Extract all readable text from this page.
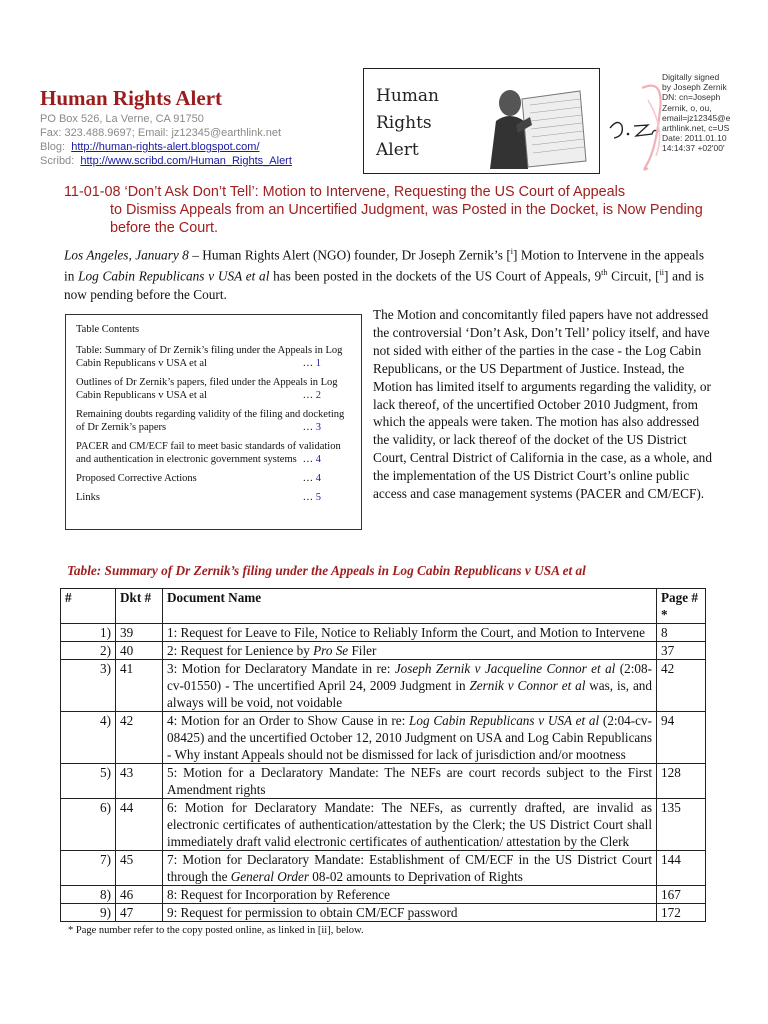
Human Rights Alert
PO Box 526, La Verne, CA 91750
Fax: 323.488.9697; Email: jz12345@earthlink.net
Blog: http://human-rights-alert.blogspot.com/
Scribd: http://www.scribd.com/Human_Rights_Alert
Human
Rights
Alert
Digitally signed
by Joseph Zernik
DN: cn=Joseph
Zernik, o, ou,
email=jz12345@e
arthlink.net, c=US
Date: 2011.01.10
14:14:37 +02'00'
11-01-08 ‘Don’t Ask Don’t Tell’: Motion to Intervene, Requesting the US Court of Appeals
to Dismiss Appeals from an Uncertified Judgment, was Posted in the Docket, is Now Pending before the Court.
Los Angeles, January 8 – Human Rights Alert (NGO) founder, Dr Joseph Zernik’s [$^i$] Motion to Intervene in the appeals in Log Cabin Republicans v USA et al has been posted in the dockets of the US Court of Appeals, 9th Circuit, [$^{ii}$] and is now pending before the Court.
Table Contents
Table: Summary of Dr Zernik’s filing under the Appeals in Log Cabin Republicans v USA et al	… 1
Outlines of Dr Zernik’s papers, filed under the Appeals in Log Cabin Republicans v USA et al	… 2
Remaining doubts regarding validity of the filing and docketing of Dr Zernik’s papers	… 3
PACER and CM/ECF fail to meet basic standards of validation and authentication in electronic government systems … 4
Proposed Corrective Actions	… 4
Links	… 5
The Motion and concomitantly filed papers have not addressed the controversial ‘Don’t Ask, Don’t Tell’ policy itself, and have not sided with either of the parties in the case - the Log Cabin Republicans, or the US Department of Justice. Instead, the Motion has limited itself to arguments regarding the validity, or lack thereof, of the uncertified October 2010 Judgment, from which the appeals were taken. The motion has also addressed the validity, or lack thereof of the docket of the US District Court, Central District of California in the case, as a whole, and the implementation of the US District Court’s online public access and case management systems (PACER and CM/ECF).
Table: Summary of Dr Zernik’s filing under the Appeals in Log Cabin Republicans v USA et al
#	Dkt #	Document Name	Page # *
1)	39	1: Request for Leave to File, Notice to Reliably Inform the Court, and Motion to Intervene	8
2)	40	2: Request for Lenience by Pro Se Filer	37
3)	41	3: Motion for Declaratory Mandate in re: Joseph Zernik v Jacqueline Connor et al (2:08-cv-01550) - The uncertified April 24, 2009 Judgment in Zernik v Connor et al was, is, and always will be void, not voidable	42
4)	42	4: Motion for an Order to Show Cause in re: Log Cabin Republicans v USA et al (2:04-cv-08425) and the uncertified October 12, 2010 Judgment on USA and Log Cabin Republicans - Why instant Appeals should not be dismissed for lack of jurisdiction and/or mootness	94
5)	43	5: Motion for a Declaratory Mandate: The NEFs are court records subject to the First Amendment rights	128
6)	44	6: Motion for Declaratory Mandate: The NEFs, as currently drafted, are invalid as electronic certificates of authentication/attestation by the Clerk; the US District Court shall immediately draft valid electronic certificates of authentication/ attestation by the Clerk	135
7)	45	7: Motion for Declaratory Mandate: Establishment of CM/ECF in the US District Court through the General Order 08-02 amounts to Deprivation of Rights	144
8)	46	8: Request for Incorporation by Reference	167
9)	47	9: Request for permission to obtain CM/ECF password	172
* Page number refer to the copy posted online, as linked in [ii], below.
